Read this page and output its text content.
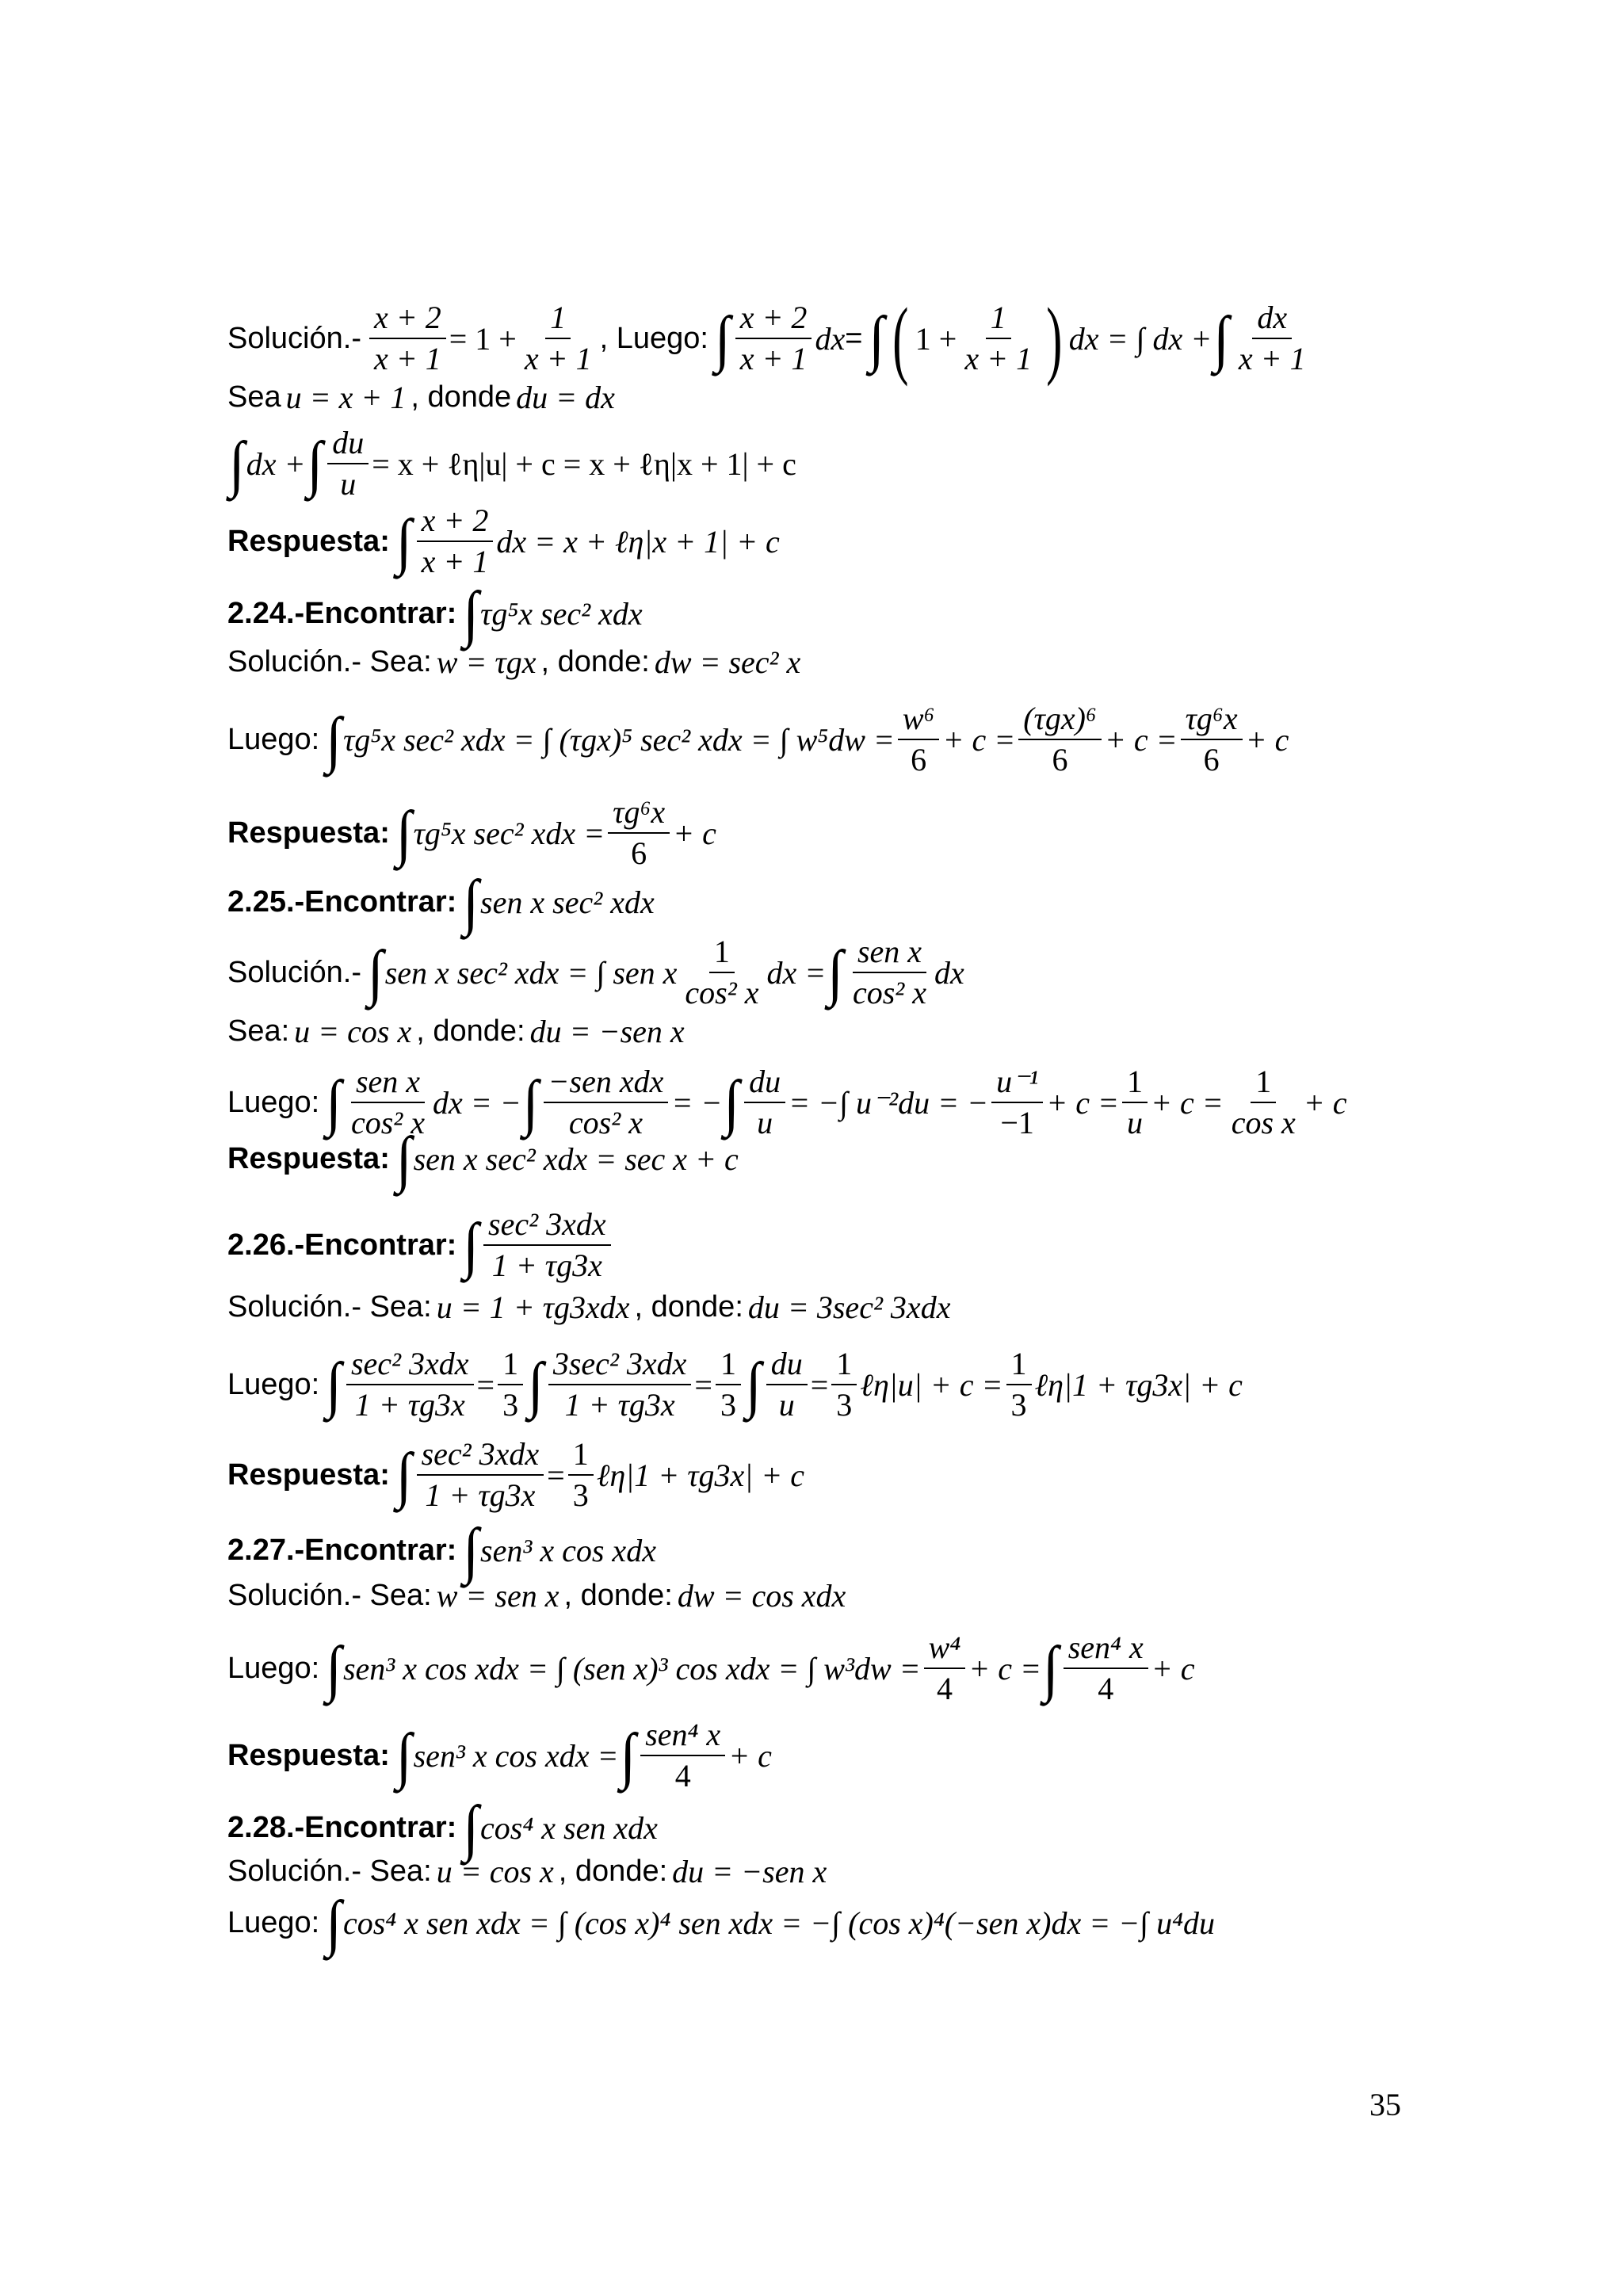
Solución.- $\frac{x + 2}{x + 1} = 1 + \frac{1}{x + 1}$ , Luego: ∫ $\frac{x + 2}{x + 1}$ dx = ∫ ( $1 + \frac{1}{x + 1}$ ) dx = ∫ dx + ∫ $\frac{dx}{x + 1}$
Sea u = x + 1 , donde du = dx
∫ dx + ∫ $\frac{du}{u} = x$ + ℓη|u| + c = x + ℓη|x + 1| + c
Respuesta: ∫ $\frac{x + 2}{x + 1}$ dx = x + ℓη|x + 1| + c
2.24.-Encontrar: ∫ τg⁵x sec² xdx
Solución.- Sea: w = τgx , donde: dw = sec² x
Luego: ∫ τg⁵x sec² xdx = ∫ (τgx)⁵ sec² xdx = ∫ $w^5dw = \frac{\text{w⁶}}{6} + c = \frac{\text{(τgx)⁶}}{6} + c = \frac{\text{τg⁶x}}{6} + c$
Respuesta: ∫ τg⁵x sec² xdx = $\frac{\text{τg⁶x}}{6} + c$
2.25.-Encontrar: ∫ sen x sec² xdx
Solución.- ∫ sen x sec² xdx = ∫ sen x $\frac{1}{\text{cos² x}}$ dx = ∫ $\frac{\text{sen x}}{\text{cos² x}}$ dx
Sea: u = cos x , donde: du = −sen x
Luego: ∫ $\frac{\text{sen x}}{\text{cos² x}}$ dx = − ∫ $\frac{\text{−sen xdx}}{\text{cos² x}}$ = − ∫ $\frac{du}{u}$ = −∫ u⁻²du = − $\frac{\text{u⁻¹}}{-1} + c = \frac{1}{u} + c = \frac{1}{\text{cos x}} + c$
Respuesta: ∫ sen x sec² xdx = sec x + c
2.26.-Encontrar: ∫ $\frac{\text{sec² 3xdx}}{1 + \tau g3x}$
Solución.- Sea: u = 1 + τg3xdx , donde: du = 3sec² 3xdx
Luego: ∫ $\frac{\text{sec² 3xdx}}{1 + \tau g3x} = \frac{1}{3}$ ∫ $\frac{\text{3sec² 3xdx}}{1 + \tau g3x} = \frac{1}{3}$ ∫ $\frac{du}{u} = \frac{1}{3}$ ℓη|u| + $c = \frac{1}{3}$ ℓη|1 + τg3x| + c
Respuesta: ∫ $\frac{\text{sec² 3xdx}}{1 + \tau g3x} = \frac{1}{3}$ ℓη|1 + τg3x| + c
2.27.-Encontrar: ∫ sen³ x cos xdx
Solución.- Sea: w = sen x , donde: dw = cos xdx
Luego: ∫ sen³ x cos xdx = ∫ (sen x)³ cos xdx = ∫ $w^3dw = \frac{\text{w⁴}}{4} + c$ = ∫ $\frac{\text{sen⁴ x}}{4} + c$
Respuesta: ∫ sen³ x cos xdx = ∫ $\frac{\text{sen⁴ x}}{4} + c$
2.28.-Encontrar: ∫ cos⁴ x sen xdx
Solución.- Sea: u = cos x , donde: du = −sen x
Luego: ∫ cos⁴ x sen xdx = ∫ (cos x)⁴ sen xdx = −∫ (cos x)⁴(−sen x)dx = −∫ u⁴du
35
